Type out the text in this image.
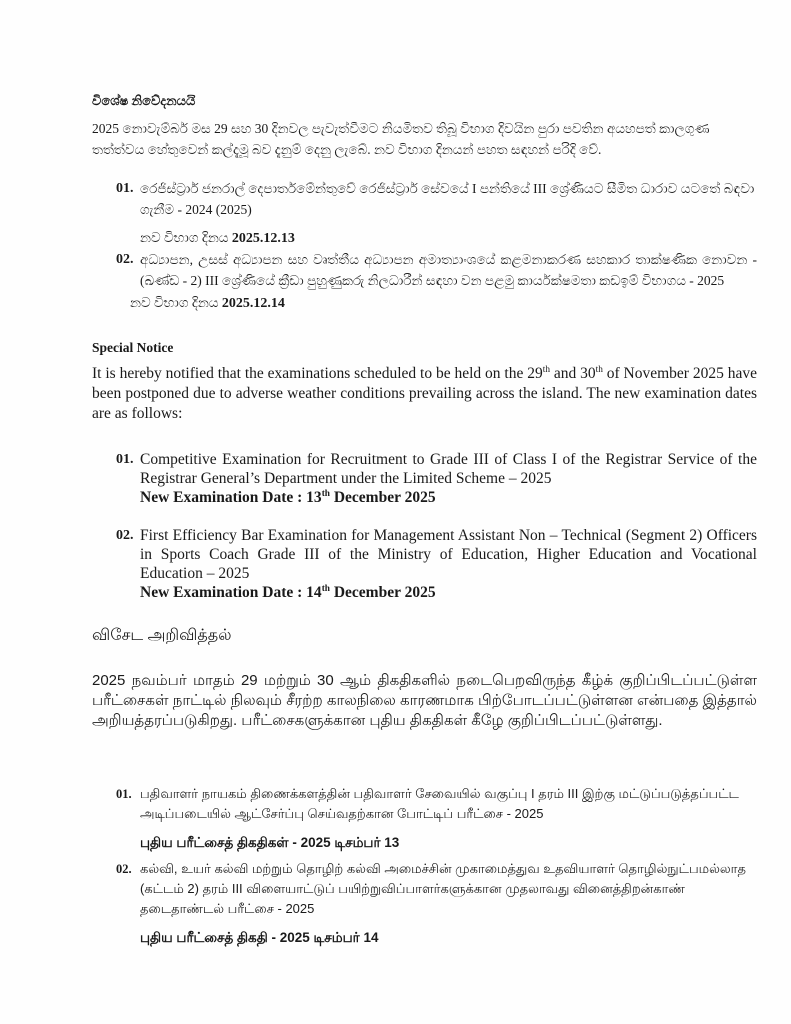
විශේෂ නිවේදනයයි
2025 නොවැම්බර් මස 29 සහ 30 දිනවල පැවැත්වීමට නියමිතව තිබූ විභාග දිවයින පුරා පවතින අයහපත් කාලගුණ තත්ත්වය හේතුවෙන් කල්දැමූ බව දැනුම් දෙනු ලැබේ. නව විභාග දිනයන් පහත සඳහන් පරිදි වේ.
01. රෙජිස්ට්‍රාර් ජනරාල් දෙපාර්තමේන්තුවේ රෙජිස්ට්‍රාර් සේවයේ I පන්තියේ III ශ්‍රේණියට සීමිත ධාරාව යටතේ බඳවා ගැනීම - 2024 (2025)
නව විභාග දිනය 2025.12.13
02. අධ්‍යාපන, උසස් අධ්‍යාපන සහ වෘත්තීය අධ්‍යාපන අමාත්‍යාංශයේ කළමනාකරණ සහකාර තාක්ෂණික නොවන - (ඛණ්ඩ - 2) III ශ්‍රේණියේ ක්‍රීඩා පුහුණුකරු නිලධාරීන් සඳහා වන පළමු කාර්යක්ෂමතා කඩඉම් විභාගය - 2025
නව විභාග දිනය 2025.12.14
Special Notice
It is hereby notified that the examinations scheduled to be held on the 29th and 30th of November 2025 have been postponed due to adverse weather conditions prevailing across the island. The new examination dates are as follows:
01. Competitive Examination for Recruitment to Grade III of Class I of the Registrar Service of the Registrar General’s Department under the Limited Scheme – 2025
New Examination Date : 13th December 2025
02. First Efficiency Bar Examination for Management Assistant Non – Technical (Segment 2) Officers in Sports Coach Grade III of the Ministry of Education, Higher Education and Vocational Education – 2025
New Examination Date : 14th December 2025
விசேட அறிவித்தல்
2025 நவம்பர் மாதம் 29 மற்றும் 30 ஆம் திகதிகளில் நடைபெறவிருந்த கீழ்க் குறிப்பிடப்பட்டுள்ள பரீட்சைகள் நாட்டில் நிலவும் சீரற்ற காலநிலை காரணமாக பிற்போடப்பட்டுள்ளன என்பதை இத்தால் அறியத்தரப்படுகிறது. பரீட்சைகளுக்கான புதிய திகதிகள் கீழே குறிப்பிடப்பட்டுள்ளது.
01. பதிவாளர் நாயகம் திணைக்களத்தின் பதிவாளர் சேவையில் வகுப்பு I தரம் III இற்கு மட்டுப்படுத்தப்பட்ட அடிப்படையில் ஆட்சேர்ப்பு செய்வதற்கான போட்டிப் பரீட்சை - 2025
புதிய பரீட்சைத் திகதிகள் - 2025 டிசம்பர் 13
02. கல்வி, உயர் கல்வி மற்றும் தொழிற் கல்வி அமைச்சின் முகாமைத்துவ உதவியாளர் தொழில்நுட்பமல்லாத (கட்டம் 2) தரம் III விளையாட்டுப் பயிற்றுவிப்பாளர்களுக்கான முதலாவது வினைத்திறன்காண் தடைதாண்டல் பரீட்சை - 2025
புதிய பரீட்சைத் திகதி - 2025 டிசம்பர் 14
